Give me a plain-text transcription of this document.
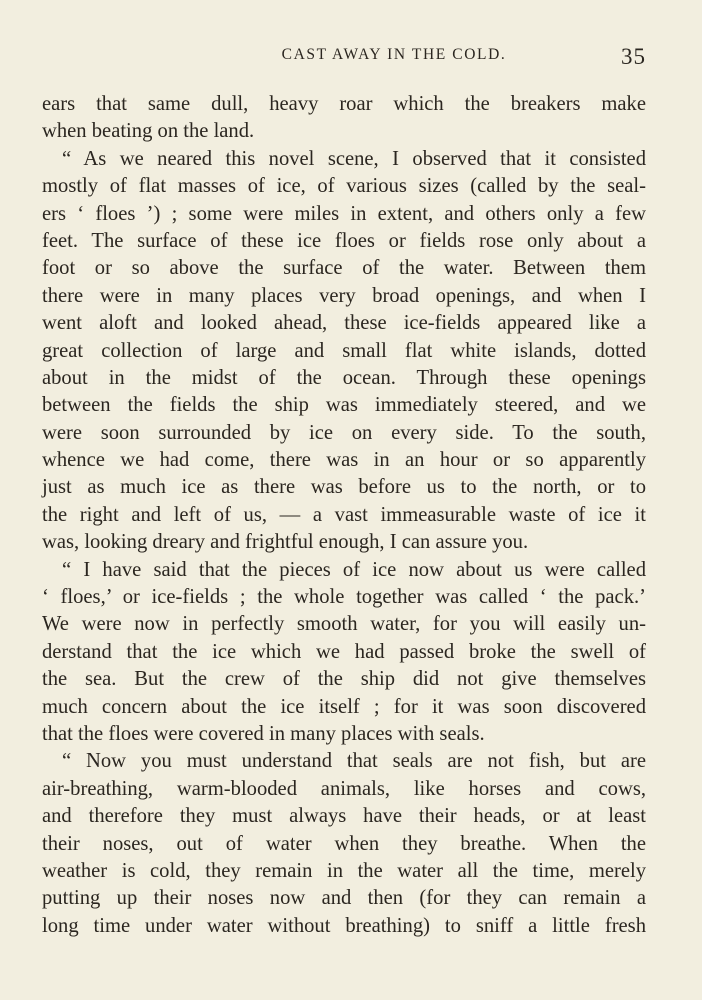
CAST AWAY IN THE COLD.	35
ears that same dull, heavy roar which the breakers make
when beating on the land.
“ As we neared this novel scene, I observed that it consisted
mostly of flat masses of ice, of various sizes (called by the seal-
ers ‘ floes ’) ; some were miles in extent, and others only a few
feet. The surface of these ice floes or fields rose only about a
foot or so above the surface of the water. Between them
there were in many places very broad openings, and when I
went aloft and looked ahead, these ice-fields appeared like a
great collection of large and small flat white islands, dotted
about in the midst of the ocean. Through these openings
between the fields the ship was immediately steered, and we
were soon surrounded by ice on every side. To the south,
whence we had come, there was in an hour or so apparently
just as much ice as there was before us to the north, or to
the right and left of us, — a vast immeasurable waste of ice it
was, looking dreary and frightful enough, I can assure you.
“ I have said that the pieces of ice now about us were called
‘ floes,’ or ice-fields ; the whole together was called ‘ the pack.’
We were now in perfectly smooth water, for you will easily un-
derstand that the ice which we had passed broke the swell of
the sea. But the crew of the ship did not give themselves
much concern about the ice itself ; for it was soon discovered
that the floes were covered in many places with seals.
“ Now you must understand that seals are not fish, but are
air-breathing, warm-blooded animals, like horses and cows,
and therefore they must always have their heads, or at least
their noses, out of water when they breathe. When the
weather is cold, they remain in the water all the time, merely
putting up their noses now and then (for they can remain a
long time under water without breathing) to sniff a little fresh
